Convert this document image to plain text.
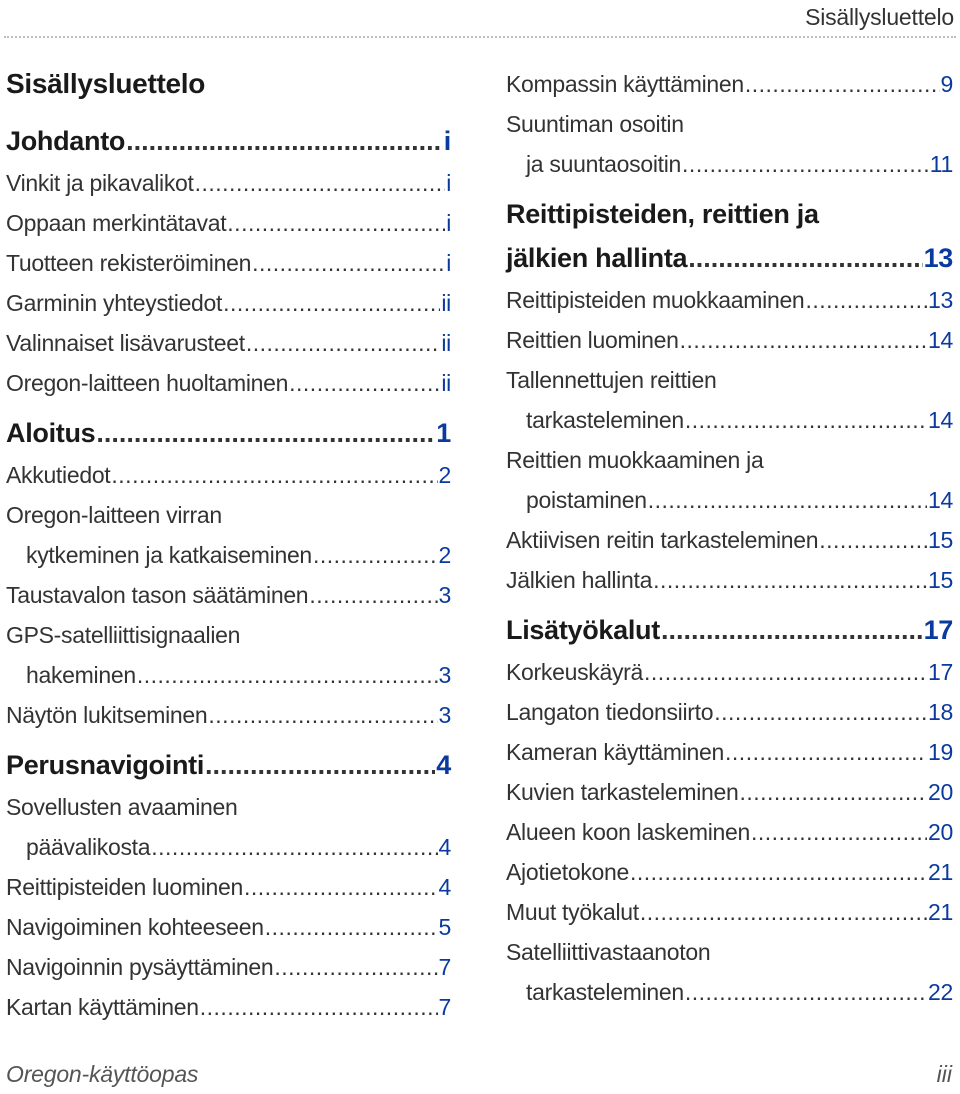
Sisällysluettelo
Sisällysluettelo
Johdanto .....	i
Vinkit ja pikavalikot .....	i
Oppaan merkintätavat .....	i
Tuotteen rekisteröiminen .....	i
Garminin yhteystiedot .....	ii
Valinnaiset lisävarusteet .....	ii
Oregon-laitteen huoltaminen .....	ii
Aloitus .....	1
Akkutiedot .....	2
Oregon-laitteen virran
kytkeminen ja katkaiseminen .....	2
Taustavalon tason säätäminen .....	3
GPS-satelliittisignaalien
hakeminen .....	3
Näytön lukitseminen .....	3
Perusnavigointi .....	4
Sovellusten avaaminen
päävalikosta .....	4
Reittipisteiden luominen .....	4
Navigoiminen kohteeseen .....	5
Navigoinnin pysäyttäminen .....	7
Kartan käyttäminen .....	7
Kompassin käyttäminen .....	9
Suuntiman osoitin
ja suuntaosoitin .....	11
Reittipisteiden, reittien ja
jälkien hallinta .....	13
Reittipisteiden muokkaaminen .....	13
Reittien luominen .....	14
Tallennettujen reittien
tarkasteleminen .....	14
Reittien muokkaaminen ja
poistaminen .....	14
Aktiivisen reitin tarkasteleminen .....	15
Jälkien hallinta .....	15
Lisätyökalut .....	17
Korkeuskäyrä .....	17
Langaton tiedonsiirto .....	18
Kameran käyttäminen .....	19
Kuvien tarkasteleminen .....	20
Alueen koon laskeminen .....	20
Ajotietokone .....	21
Muut työkalut .....	21
Satelliittivastaanoton
tarkasteleminen .....	22
Oregon-käyttöopas	iii
